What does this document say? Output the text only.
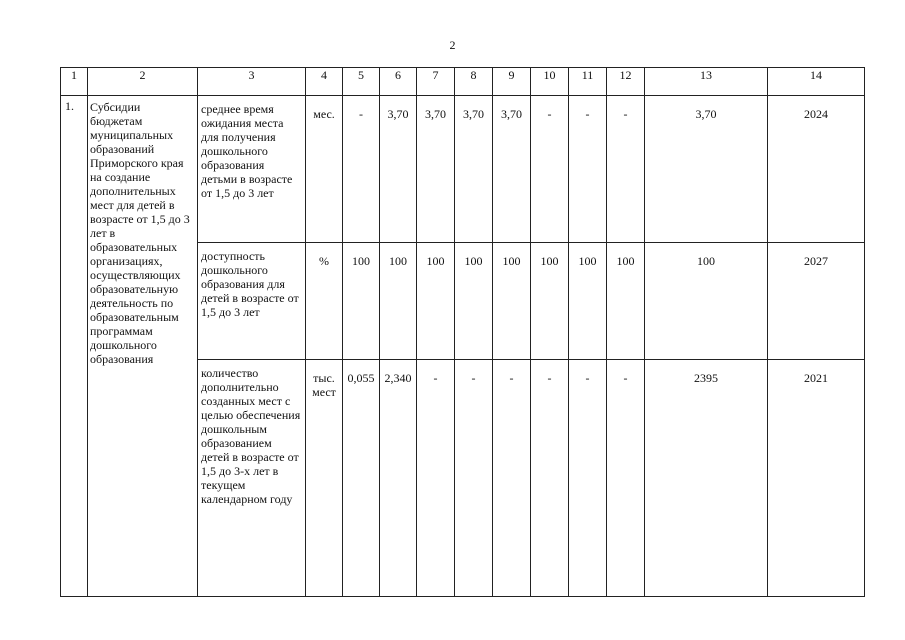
2
1	2	3	4	5	6	7	8	9	10	11	12	13	14
1.	Субсидии бюджетам муниципальных образований Приморского края на создание дополнительных мест для детей в возрасте от 1,5 до 3 лет в образовательных организациях, осуществляющих образовательную деятельность по образовательным программам дошкольного образования	среднее время ожидания места для получения дошкольного образования детьми в возрасте от 1,5 до 3 лет	мес.	-	3,70	3,70	3,70	3,70	-	-	-	3,70	2024
		доступность дошкольного образования для детей в возрасте от 1,5 до 3 лет	%	100	100	100	100	100	100	100	100	100	2027
		количество дополнительно созданных мест с целью обеспечения дошкольным образованием детей в возрасте от 1,5 до 3-х лет в текущем календарном году	тыс. мест	0,055	2,340	-	-	-	-	-	-	2395	2021
